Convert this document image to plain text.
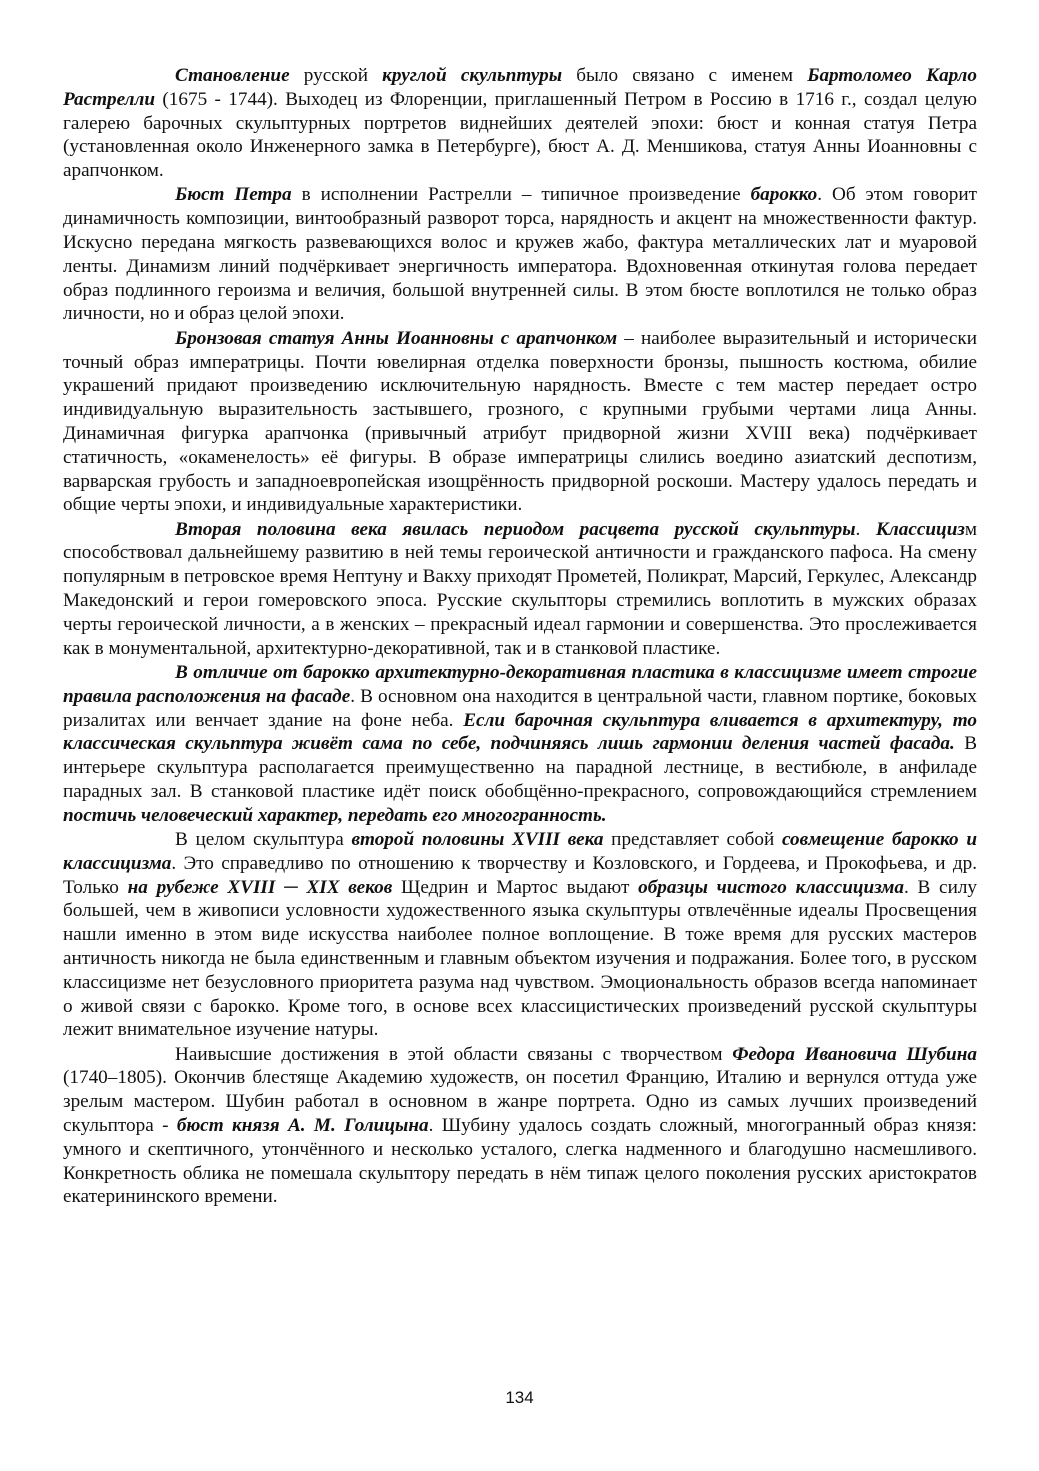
Становление русской круглой скульптуры было связано с именем Бартоломео Карло Растрелли (1675 - 1744). Выходец из Флоренции, приглашенный Петром в Россию в 1716 г., создал целую галерею барочных скульптурных портретов виднейших деятелей эпохи: бюст и конная статуя Петра (установленная около Инженерного замка в Петербурге), бюст А. Д. Меншикова, статуя Анны Иоанновны с арапчонком.

Бюст Петра в исполнении Растрелли – типичное произведение барокко. Об этом говорит динамичность композиции, винтообразный разворот торса, нарядность и акцент на множественности фактур. Искусно передана мягкость развевающихся волос и кружев жабо, фактура металлических лат и муаровой ленты. Динамизм линий подчёркивает энергичность императора. Вдохновенная откинутая голова передает образ подлинного героизма и величия, большой внутренней силы. В этом бюсте воплотился не только образ личности, но и образ целой эпохи.

Бронзовая статуя Анны Иоанновны с арапчонком – наиболее выразительный и исторически точный образ императрицы. Почти ювелирная отделка поверхности бронзы, пышность костюма, обилие украшений придают произведению исключительную нарядность. Вместе с тем мастер передает остро индивидуальную выразительность застывшего, грозного, с крупными грубыми чертами лица Анны. Динамичная фигурка арапчонка (привычный атрибут придворной жизни XVIII века) подчёркивает статичность, «окаменелость» её фигуры. В образе императрицы слились воедино азиатский деспотизм, варварская грубость и западноевропейская изощрённость придворной роскоши. Мастеру удалось передать и общие черты эпохи, и индивидуальные характеристики.

Вторая половина века явилась периодом расцвета русской скульптуры. Классицизм способствовал дальнейшему развитию в ней темы героической античности и гражданского пафоса. На смену популярным в петровское время Нептуну и Вакху приходят Прометей, Поликрат, Марсий, Геркулес, Александр Македонский и герои гомеровского эпоса. Русские скульпторы стремились воплотить в мужских образах черты героической личности, а в женских – прекрасный идеал гармонии и совершенства. Это прослеживается как в монументальной, архитектурно-декоративной, так и в станковой пластике.

В отличие от барокко архитектурно-декоративная пластика в классицизме имеет строгие правила расположения на фасаде. В основном она находится в центральной части, главном портике, боковых ризалитах или венчает здание на фоне неба. Если барочная скульптура вливается в архитектуру, то классическая скульптура живёт сама по себе, подчиняясь лишь гармонии деления частей фасада. В интерьере скульптура располагается преимущественно на парадной лестнице, в вестибюле, в анфиладе парадных зал. В станковой пластике идёт поиск обобщённо-прекрасного, сопровождающийся стремлением постичь человеческий характер, передать его многогранность.

В целом скульптура второй половины XVIII века представляет собой совмещение барокко и классицизма. Это справедливо по отношению к творчеству и Козловского, и Гордеева, и Прокофьева, и др. Только на рубеже XVIII ─ XIX веков Щедрин и Мартос выдают образцы чистого классицизма. В силу большей, чем в живописи условности художественного языка скульптуры отвлечённые идеалы Просвещения нашли именно в этом виде искусства наиболее полное воплощение. В тоже время для русских мастеров античность никогда не была единственным и главным объектом изучения и подражания. Более того, в русском классицизме нет безусловного приоритета разума над чувством. Эмоциональность образов всегда напоминает о живой связи с барокко. Кроме того, в основе всех классицистических произведений русской скульптуры лежит внимательное изучение натуры.

Наивысшие достижения в этой области связаны с творчеством Федора Ивановича Шубина (1740–1805). Окончив блестяще Академию художеств, он посетил Францию, Италию и вернулся оттуда уже зрелым мастером. Шубин работал в основном в жанре портрета. Одно из самых лучших произведений скульптора - бюст князя А. М. Голицына. Шубину удалось создать сложный, многогранный образ князя: умного и скептичного, утончённого и несколько усталого, слегка надменного и благодушно насмешливого. Конкретность облика не помешала скульптору передать в нём типаж целого поколения русских аристократов екатерининского времени.

134
